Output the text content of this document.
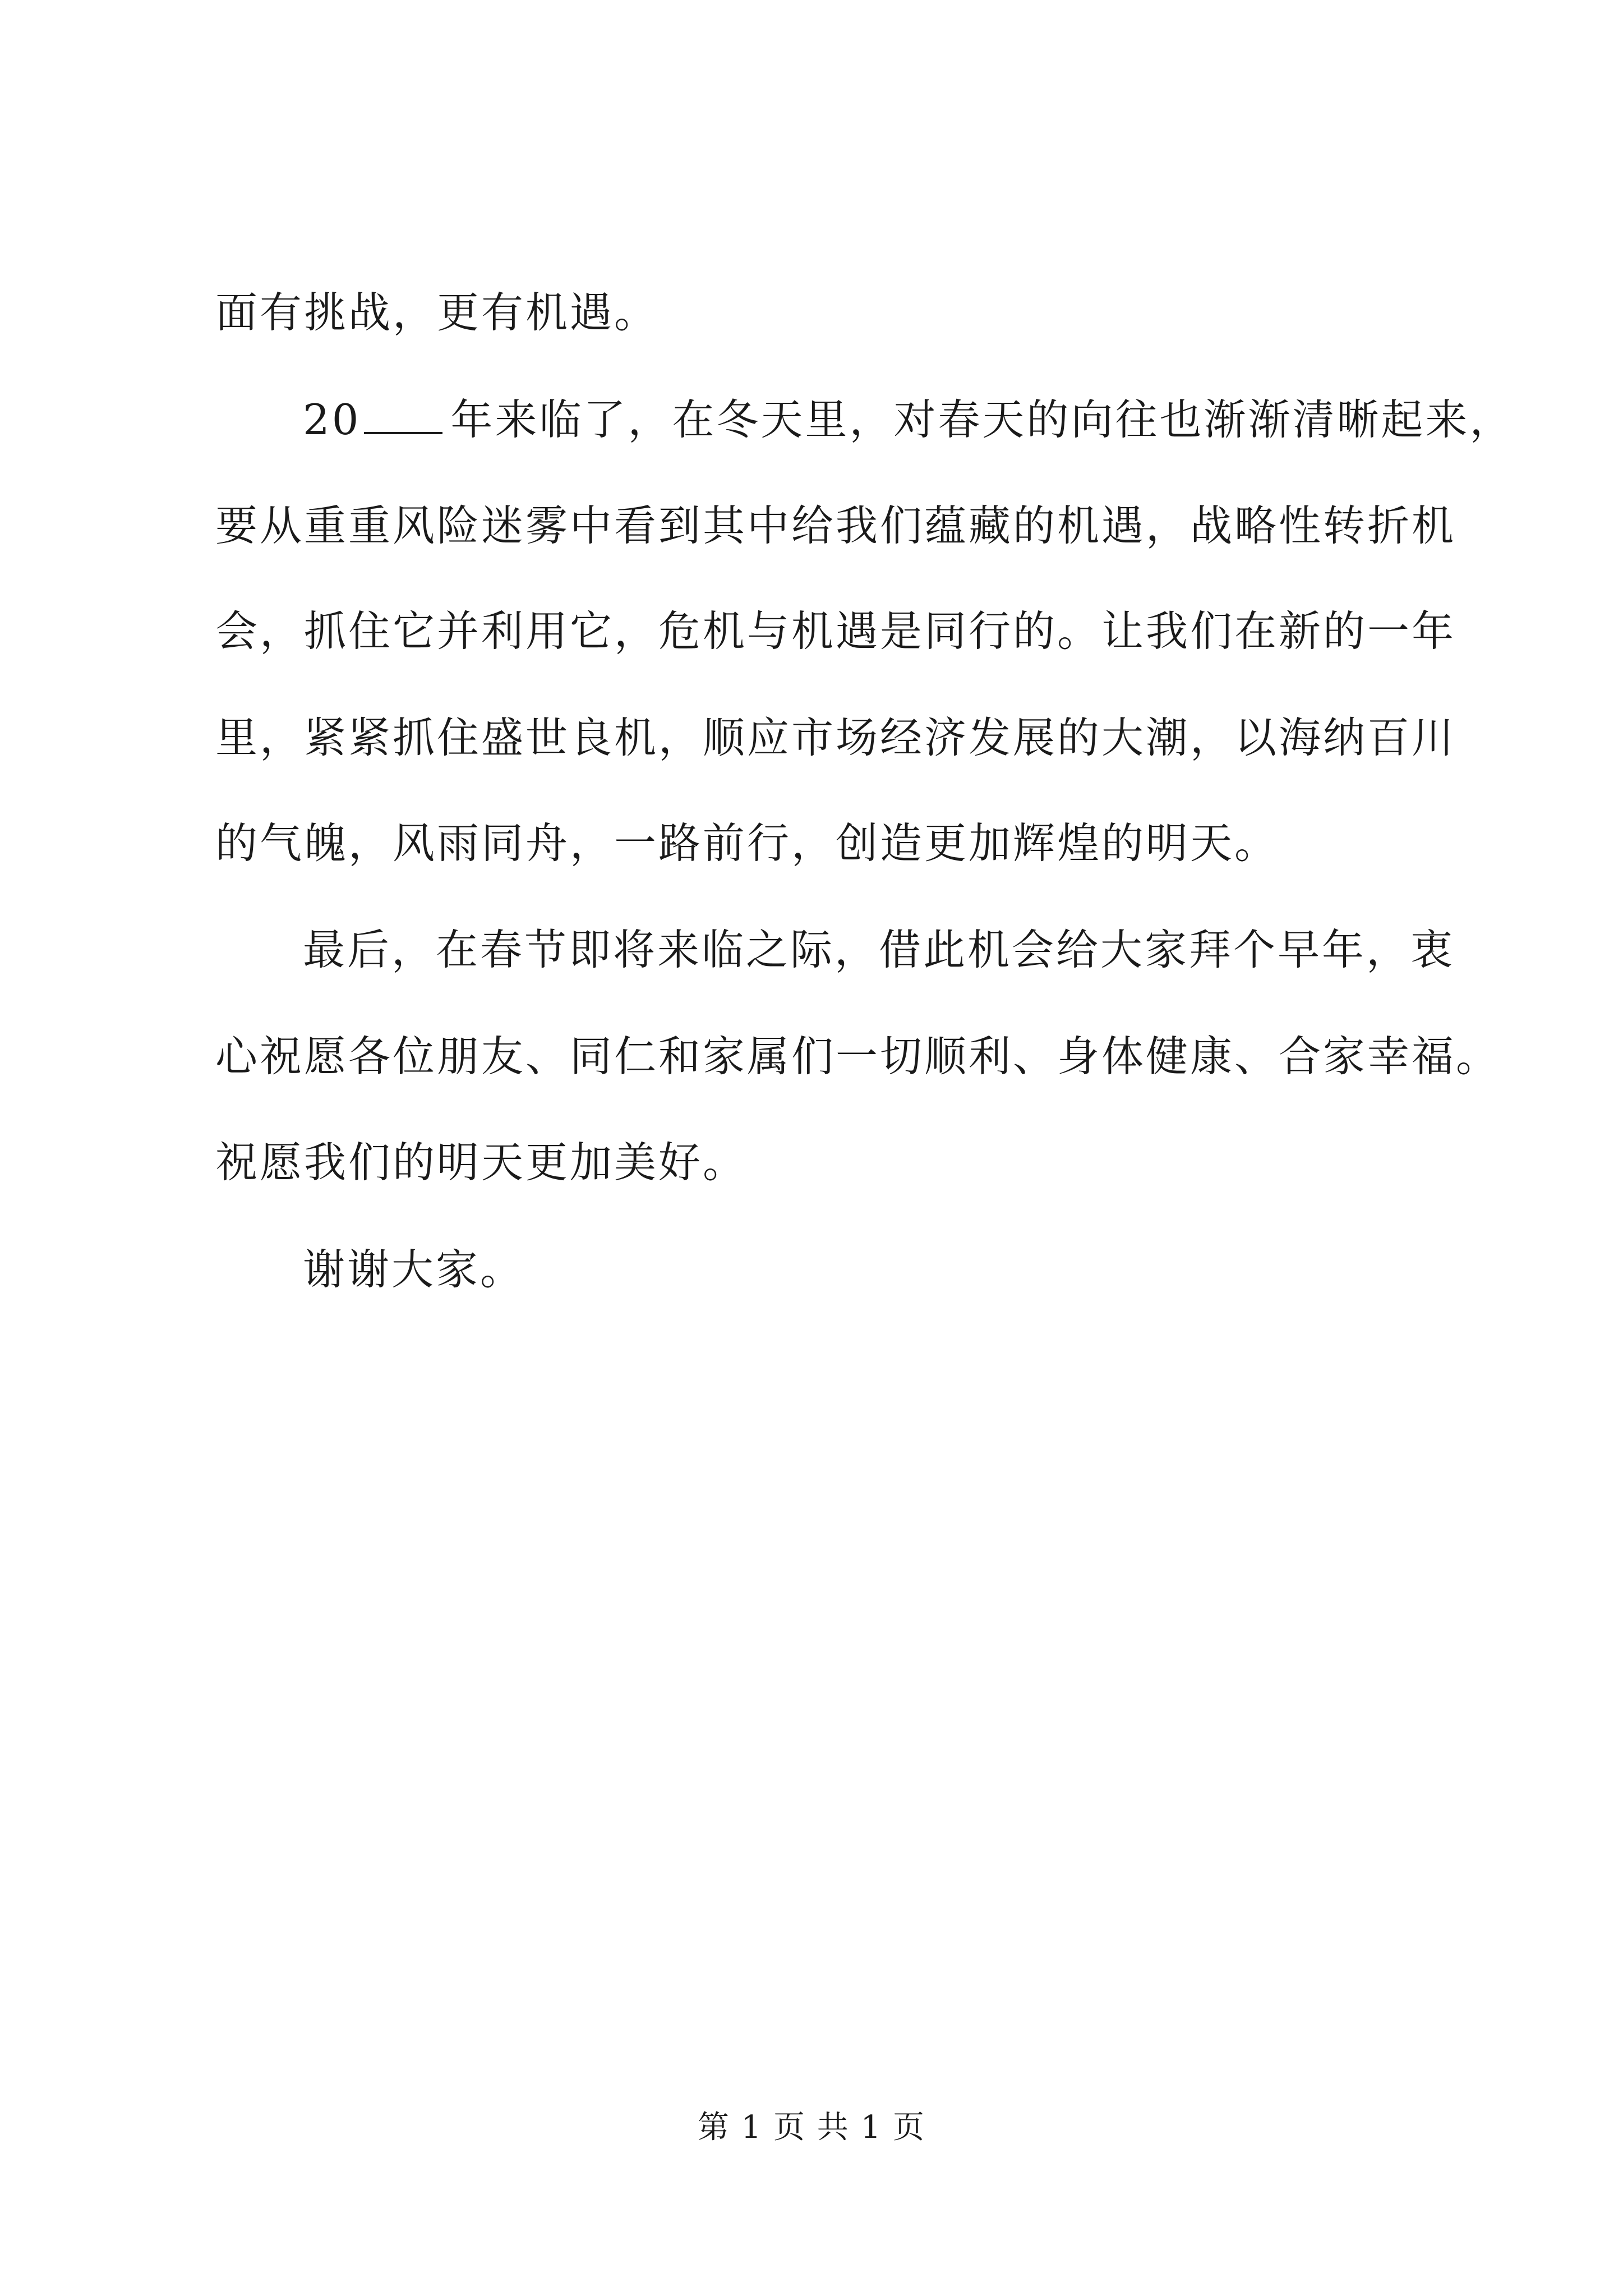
面有挑战，更有机遇。
20 年来临了，在冬天里，对春天的向往也渐渐清晰起来，
要从重重风险迷雾中看到其中给我们蕴藏的机遇，战略性转折机
会，抓住它并利用它，危机与机遇是同行的。让我们在新的一年
里，紧紧抓住盛世良机，顺应市场经济发展的大潮，以海纳百川
的气魄，风雨同舟，一路前行，创造更加辉煌的明天。
最后，在春节即将来临之际，借此机会给大家拜个早年，衷
心祝愿各位朋友、同仁和家属们一切顺利、身体健康、合家幸福。
祝愿我们的明天更加美好。
谢谢大家。
第 1 页 共 1 页
